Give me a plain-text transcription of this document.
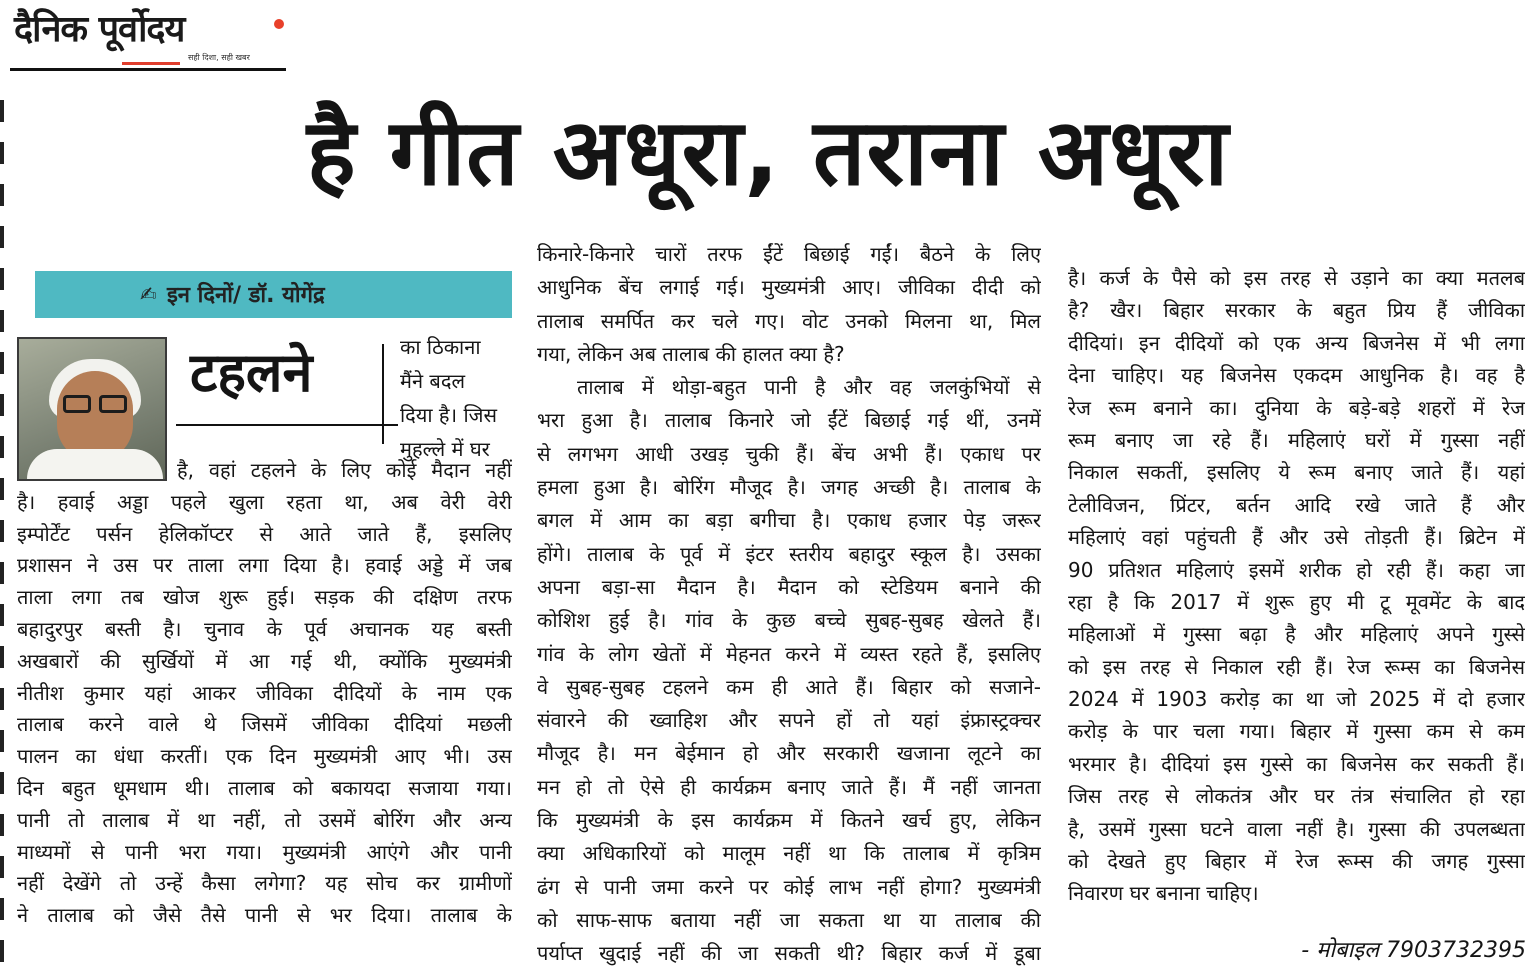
दैनिक पूर्वोदय
सही दिशा, सही खबर
है गीत अधूरा, तराना अधूरा
✍ इन दिनों/ डॉ. योगेंद्र
टहलने	का ठिकाना
मैंने बदल
दिया है। जिस
मुहल्ले में घर
है, वहां टहलने के लिए कोई मैदान नहीं
है। हवाई अड्डा पहले खुला रहता था, अब वेरी वेरी
इम्पोर्टेंट पर्सन हेलिकॉप्टर से आते जाते हैं, इसलिए
प्रशासन ने उस पर ताला लगा दिया है। हवाई अड्डे में जब
ताला लगा तब खोज शुरू हुई। सड़क की दक्षिण तरफ
बहादुरपुर बस्ती है। चुनाव के पूर्व अचानक यह बस्ती
अखबारों की सुर्खियों में आ गई थी, क्योंकि मुख्यमंत्री
नीतीश कुमार यहां आकर जीविका दीदियों के नाम एक
तालाब करने वाले थे जिसमें जीविका दीदियां मछली
पालन का धंधा करतीं। एक दिन मुख्यमंत्री आए भी। उस
दिन बहुत धूमधाम थी। तालाब को बकायदा सजाया गया।
पानी तो तालाब में था नहीं, तो उसमें बोरिंग और अन्य
माध्यमों से पानी भरा गया। मुख्यमंत्री आएंगे और पानी
नहीं देखेंगे तो उन्हें कैसा लगेगा? यह सोच कर ग्रामीणों
ने तालाब को जैसे तैसे पानी से भर दिया। तालाब के
किनारे-किनारे चारों तरफ ईंटें बिछाई गईं। बैठने के लिए
आधुनिक बेंच लगाई गई। मुख्यमंत्री आए। जीविका दीदी को
तालाब समर्पित कर चले गए। वोट उनको मिलना था, मिल
गया, लेकिन अब तालाब की हालत क्या है?
तालाब में थोड़ा-बहुत पानी है और वह जलकुंभियों से
भरा हुआ है। तालाब किनारे जो ईंटें बिछाई गई थीं, उनमें
से लगभग आधी उखड़ चुकी हैं। बेंच अभी हैं। एकाध पर
हमला हुआ है। बोरिंग मौजूद है। जगह अच्छी है। तालाब के
बगल में आम का बड़ा बगीचा है। एकाध हजार पेड़ जरूर
होंगे। तालाब के पूर्व में इंटर स्तरीय बहादुर स्कूल है। उसका
अपना बड़ा-सा मैदान है। मैदान को स्टेडियम बनाने की
कोशिश हुई है। गांव के कुछ बच्चे सुबह-सुबह खेलते हैं।
गांव के लोग खेतों में मेहनत करने में व्यस्त रहते हैं, इसलिए
वे सुबह-सुबह टहलने कम ही आते हैं। बिहार को सजाने-
संवारने की ख्वाहिश और सपने हों तो यहां इंफ्रास्ट्रक्चर
मौजूद है। मन बेईमान हो और सरकारी खजाना लूटने का
मन हो तो ऐसे ही कार्यक्रम बनाए जाते हैं। मैं नहीं जानता
कि मुख्यमंत्री के इस कार्यक्रम में कितने खर्च हुए, लेकिन
क्या अधिकारियों को मालूम नहीं था कि तालाब में कृत्रिम
ढंग से पानी जमा करने पर कोई लाभ नहीं होगा? मुख्यमंत्री
को साफ-साफ बताया नहीं जा सकता था या तालाब की
पर्याप्त खुदाई नहीं की जा सकती थी? बिहार कर्ज में डूबा
है। कर्ज के पैसे को इस तरह से उड़ाने का क्या मतलब
है? खैर। बिहार सरकार के बहुत प्रिय हैं जीविका
दीदियां। इन दीदियों को एक अन्य बिजनेस में भी लगा
देना चाहिए। यह बिजनेस एकदम आधुनिक है। वह है
रेज रूम बनाने का। दुनिया के बड़े-बड़े शहरों में रेज
रूम बनाए जा रहे हैं। महिलाएं घरों में गुस्सा नहीं
निकाल सकतीं, इसलिए ये रूम बनाए जाते हैं। यहां
टेलीविजन, प्रिंटर, बर्तन आदि रखे जाते हैं और
महिलाएं वहां पहुंचती हैं और उसे तोड़ती हैं। ब्रिटेन में
90 प्रतिशत महिलाएं इसमें शरीक हो रही हैं। कहा जा
रहा है कि 2017 में शुरू हुए मी टू मूवमेंट के बाद
महिलाओं में गुस्सा बढ़ा है और महिलाएं अपने गुस्से
को इस तरह से निकाल रही हैं। रेज रूम्स का बिजनेस
2024 में 1903 करोड़ का था जो 2025 में दो हजार
करोड़ के पार चला गया। बिहार में गुस्सा कम से कम
भरमार है। दीदियां इस गुस्से का बिजनेस कर सकती हैं।
जिस तरह से लोकतंत्र और घर तंत्र संचालित हो रहा
है, उसमें गुस्सा घटने वाला नहीं है। गुस्सा की उपलब्धता
को देखते हुए बिहार में रेज रूम्स की जगह गुस्सा
निवारण घर बनाना चाहिए।
- मोबाइल 7903732395
